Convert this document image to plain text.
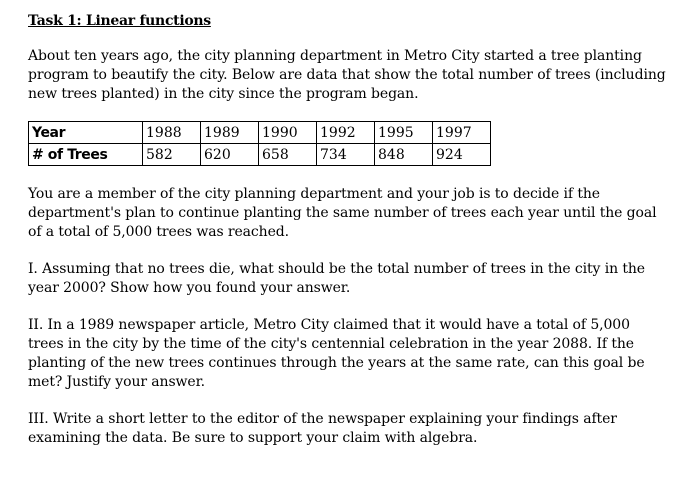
Task 1: Linear functions

About ten years ago, the city planning department in Metro City started a tree planting program to beautify the city. Below are data that show the total number of trees (including new trees planted) in the city since the program began.

Year	1988	1989	1990	1992	1995	1997
# of Trees	582	620	658	734	848	924

You are a member of the city planning department and your job is to decide if the department's plan to continue planting the same number of trees each year until the goal of a total of 5,000 trees was reached.

I. Assuming that no trees die, what should be the total number of trees in the city in the year 2000? Show how you found your answer.

II. In a 1989 newspaper article, Metro City claimed that it would have a total of 5,000 trees in the city by the time of the city's centennial celebration in the year 2088. If the planting of the new trees continues through the years at the same rate, can this goal be met? Justify your answer.

III. Write a short letter to the editor of the newspaper explaining your findings after examining the data. Be sure to support your claim with algebra.
